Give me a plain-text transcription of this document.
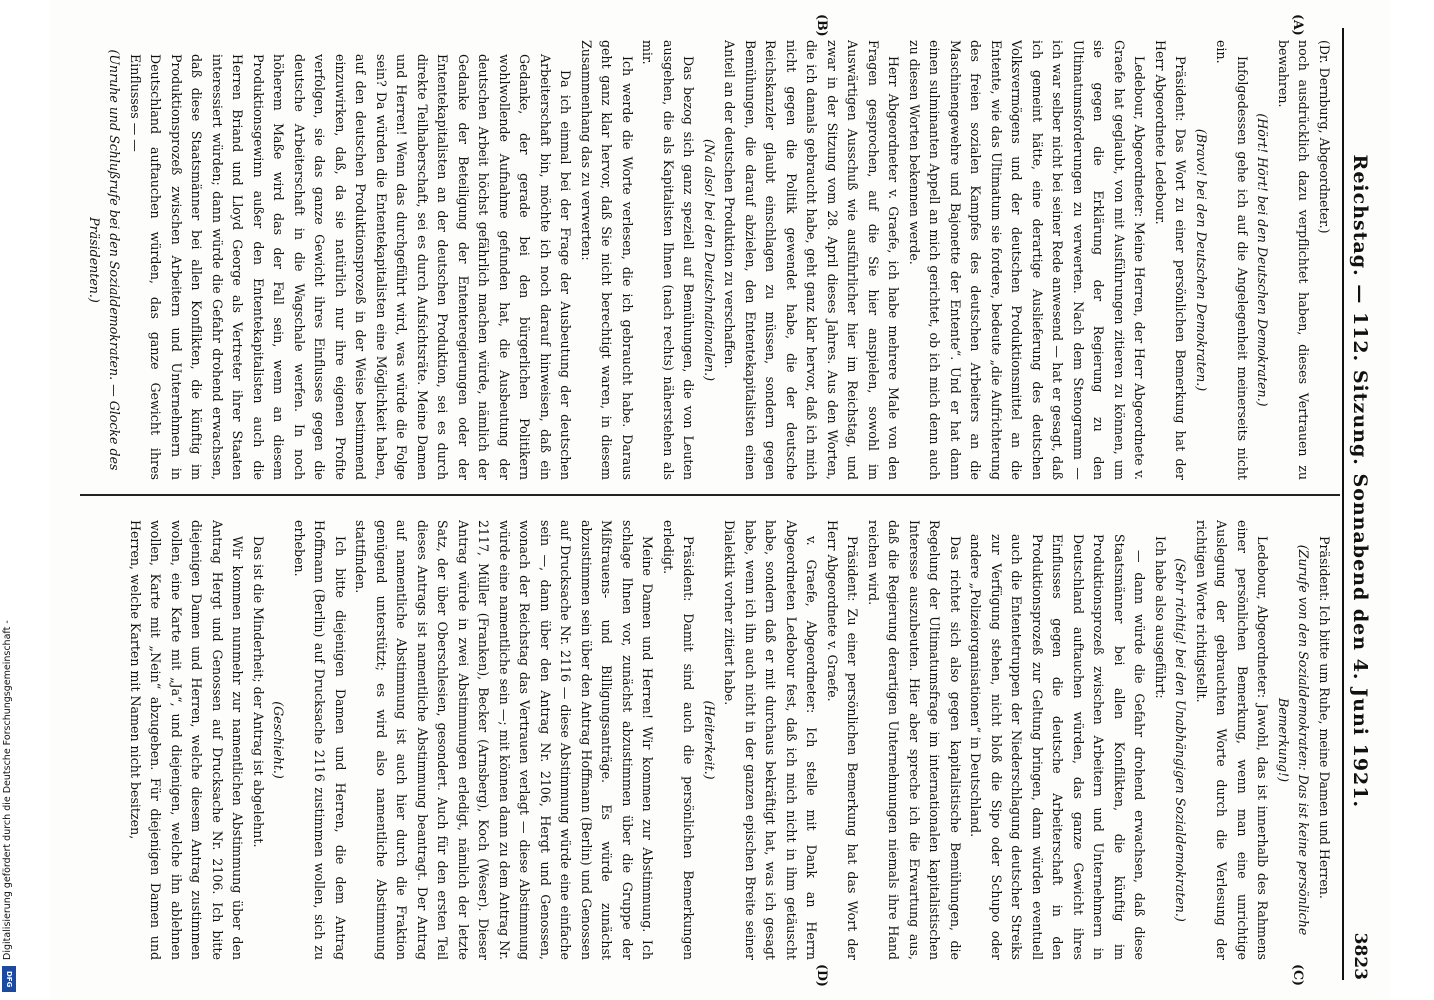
Reichstag. — 112. Sitzung. Sonnabend den 4. Juni 1921.
3823
(A)
(B)
(C)
(D)

(Dr. Dernburg, Abgeordneter.)

noch ausdrücklich dazu verpflichtet haben, dieses Vertrauen zu bewahren.

(Hört! Hört! bei den Deutschen Demokraten.)

Infolgedessen gehe ich auf die Angelegenheit meinerseits nicht ein.

(Bravo! bei den Deutschen Demokraten.)

Präsident: Das Wort zu einer persönlichen Bemerkung hat der Herr Abgeordnete Ledebour.

Ledebour, Abgeordneter: Meine Herren, der Herr Abgeordnete v. Graefe hat geglaubt, von mit Ausführungen zitieren zu können, um sie gegen die Erklärung der Regierung zu den Ultimatumsforderungen zu verwerten. Nach dem Stenogramm — ich war selber nicht bei seiner Rede anwesend — hat er gesagt, daß ich gemeint hätte, eine derartige Auslieferung des deutschen Volksvermögens und der deutschen Produktionsmittel an die Entente, wie das Ultimatum sie fordere, bedeute „die Aufrichterung des freien sozialen Kampfes des deutschen Arbeiters an die Maschinengewehre und Bajonette der Entente“. Und er hat dann einen sulminanten Appell an mich gerichtet, ob ich mich denn auch zu diesen Worten bekennen werde.

Herr Abgeordneter v. Graefe, ich habe mehrere Male von den Fragen gesprochen, auf die Sie hier anspielen, sowohl im Auswärtigen Ausschuß wie ausführlicher hier im Reichstag, und zwar in der Sitzung vom 28. April dieses Jahres. Aus den Worten, die ich damals gebraucht habe, geht ganz klar hervor, daß ich mich nicht gegen die Politik gewendet habe, die der deutsche Reichskanzler glaubt einschlagen zu müssen, sondern gegen Bemühungen, die darauf abzielen, den Ententekapitalisten einen Anteil an der deutschen Produktion zu verschaffen.

(Na also! bei den Deutschnationalen.)

Das bezog sich ganz speziell auf Bemühungen, die von Leuten ausgehen, die als Kapitalisten Ihnen (nach rechts) näherstehen als mir.

Ich werde die Worte verlesen, die ich gebraucht habe. Daraus geht ganz klar hervor, daß Sie nicht berechtigt waren, in diesem Zusammenhang das zu verwerten:

Da ich einmal bei der Frage der Ausbeutung der deutschen Arbeiterschaft bin, möchte ich noch darauf hinweisen, daß ein Gedanke, der gerade bei den bürgerlichen Politikern wohlwollende Aufnahme gefunden hat, die Ausbeutung der deutschen Arbeit höchst gefährlich machen würde, nämlich der Gedanke der Beteiligung der Ententeregierungen oder der Ententekapitalisten an der deutschen Produktion, sei es durch direkte Teilhaberschaft, sei es durch Aufsichtsräte. Meine Damen und Herren! Wenn das durchgeführt wird, was würde die Folge sein? Da würden die Ententekapitalisten eine Möglichkeit haben, auf den deutschen Produktionsprozeß in der Weise bestimmend einzuwirken, daß, da sie natürlich nur ihre eigenen Profite verfolgen, sie das ganze Gewicht ihres Einflusses gegen die deutsche Arbeiterschaft in die Wagschale werfen. In noch höherem Maße wird das der Fall sein, wenn an diesem Produktionsgewinn außer den Ententekapitalisten auch die Herren Briand und Lloyd George als Vertreter ihrer Staaten interessiert würden; dann würde die Gefahr drohend erwachsen, daß diese Staatsmänner bei allen Konflikten, die künftig im Produktionsprozeß zwischen Arbeitern und Unternehmern in Deutschland auftauchen würden, das ganze Gewicht ihres Einflusses — —

(Unruhe und Schlußrufe bei den Sozialdemokraten. — Glocke des Präsidenten.)

Präsident: Ich bitte um Ruhe, meine Damen und Herren.

(Zurufe von den Sozialdemokraten: Das ist keine persönliche Bemerkung!)

Ledebour, Abgeordneter: Jawohl, das ist innerhalb des Rahmens einer persönlichen Bemerkung, wenn man eine unrichtige Auslegung der gebrauchten Worte durch die Verlesung der richtigen Worte richtigstellt.

(Sehr richtig! bei den Unabhängigen Sozialdemokraten.)

Ich habe also ausgeführt:

— dann würde die Gefahr drohend erwachsen, daß diese Staatsmänner bei allen Konflikten, die künftig im Produktionsprozeß zwischen Arbeitern und Unternehmern in Deutschland auftauchen würden, das ganze Gewicht ihres Einflusses gegen die deutsche Arbeiterschaft in den Produktionsprozeß zur Geltung bringen, dann würden eventuell auch die Ententetruppen der Niederschlagung deutscher Streiks zur Verfügung stehen, nicht bloß die Sipo oder Schupo oder andere „Polizeiorganisationen“ in Deutschland.

Das richtet sich also gegen kapitalistische Bemühungen, die Regelung der Ultimatumsfrage im internationalen kapitalistischen Interesse auszubeuten. Hier aber spreche ich die Erwartung aus, daß die Regierung derartigen Unternehmungen niemals ihre Hand reichen wird.

Präsident: Zu einer persönlichen Bemerkung hat das Wort der Herr Abgeordnete v. Graefe.

v. Graefe, Abgeordneter: Ich stelle mit Dank an Herrn Abgeordneten Ledebour fest, daß ich mich nicht in ihm getäuscht habe, sondern daß er mit durchaus bekräftigt hat, was ich gesagt habe, wenn ich ihn auch nicht in der ganzen epischen Breite seiner Dialektik vorher zitiert habe.

(Heiterkeit.)

Präsident: Damit sind auch die persönlichen Bemerkungen erledigt.

Meine Damen und Herren! Wir kommen zur Abstimmung. Ich schlage Ihnen vor, zunächst abzustimmen über die Gruppe der Mißtrauens- und Billigungsanträge. Es würde zunächst abzustimmen sein über den Antrag Hoffmann (Berlin) und Genossen auf Drucksache Nr. 2116 — diese Abstimmung würde eine einfache sein —, dann über den Antrag Nr. 2106, Hergt und Genossen, wonach der Reichstag das Vertrauen verlagt — diese Abstimmung würde eine namentliche sein —; mit können dann zu dem Antrag Nr. 2117, Müller (Franken), Becker (Arnsberg), Koch (Weser). Dieser Antrag würde in zwei Abstimmungen erledigt, nämlich der letzte Satz, der über Oberschlesien, gesondert. Auch für den ersten Teil dieses Antrags ist namentliche Abstimmung beantragt. Der Antrag auf namentliche Abstimmung ist auch hier durch die Fraktion genügend unterstützt; es wird also namentliche Abstimmung stattfinden.

Ich bitte diejenigen Damen und Herren, die dem Antrag Hoffmann (Berlin) auf Drucksache 2116 zustimmen wollen, sich zu erheben.

(Geschieht.)

Das ist die Minderheit; der Antrag ist abgelehnt.

Wir kommen nunmehr zur namentlichen Abstimmung über den Antrag Hergt und Genossen auf Drucksache Nr. 2106. Ich bitte diejenigen Damen und Herren, welche diesem Antrag zustimmen wollen, eine Karte mit „Ja“, und diejenigen, welche ihn ablehnen wollen, Karte mit „Nein“ abzugeben. Für diejenigen Damen und Herren, welche Karten mit Namen nicht besitzen,

Digitalisierung gefördert durch die Deutsche Forschungsgemeinschaft -
DFG
